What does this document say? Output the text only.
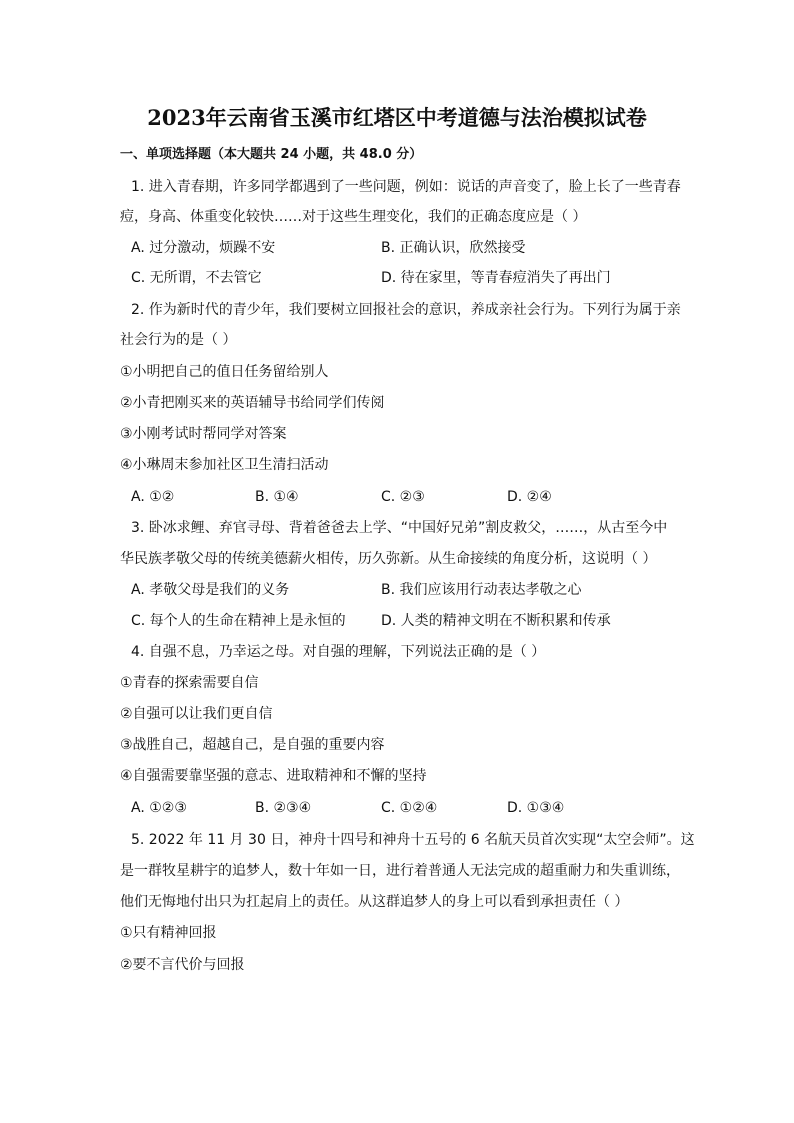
2023年云南省玉溪市红塔区中考道德与法治模拟试卷
一、单项选择题（本大题共 24 小题，共 48.0 分）
1. 进入青春期，许多同学都遇到了一些问题，例如：说话的声音变了，脸上长了一些青春
痘，身高、体重变化较快……对于这些生理变化，我们的正确态度应是（ ）
A. 过分激动，烦躁不安	B. 正确认识，欣然接受
C. 无所谓，不去管它	D. 待在家里，等青春痘消失了再出门
2. 作为新时代的青少年，我们要树立回报社会的意识，养成亲社会行为。下列行为属于亲
社会行为的是（ ）
①小明把自己的值日任务留给别人
②小青把刚买来的英语辅导书给同学们传阅
③小刚考试时帮同学对答案
④小琳周末参加社区卫生清扫活动
A. ①②	B. ①④	C. ②③	D. ②④
3. 卧冰求鲤、弃官寻母、背着爸爸去上学、“中国好兄弟”割皮救父，……，从古至今中
华民族孝敬父母的传统美德薪火相传，历久弥新。从生命接续的角度分析，这说明（ ）
A. 孝敬父母是我们的义务	B. 我们应该用行动表达孝敬之心
C. 每个人的生命在精神上是永恒的	D. 人类的精神文明在不断积累和传承
4. 自强不息，乃幸运之母。对自强的理解，下列说法正确的是（ ）
①青春的探索需要自信
②自强可以让我们更自信
③战胜自己，超越自己，是自强的重要内容
④自强需要靠坚强的意志、进取精神和不懈的坚持
A. ①②③	B. ②③④	C. ①②④	D. ①③④
5. 2022 年 11 月 30 日，神舟十四号和神舟十五号的 6 名航天员首次实现“太空会师”。这
是一群牧星耕宇的追梦人，数十年如一日，进行着普通人无法完成的超重耐力和失重训练，
他们无悔地付出只为扛起肩上的责任。从这群追梦人的身上可以看到承担责任（ ）
①只有精神回报
②要不言代价与回报
